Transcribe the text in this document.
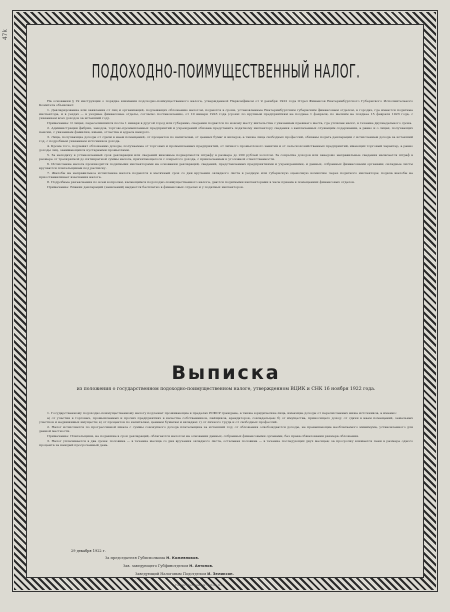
47k
ПОДОХОДНО-ПОИМУЩЕСТВЕННЫЙ НАЛОГ.

На основании § 19 инструкции о порядке взимания подоходно-поимущественного налога, утвержденной Наркомфином от 9 декабря 1922 года Отдел Финансов Екатеринбургского Губернского Исполнительного Комитета объявляет:

1. Декларирование или заявления от лиц и организаций, подлежащих обложению налогом, подаются в сроки, установленные Екатеринбургским губернским финансовым отделом, в городах, где имеются податные инспектора, и в уездах — в уездные финансовые отделы, согласно постановлению, от 10 января 1923 года (сроки: по крупным предприятиям не позднее 1 февраля, по мелким не позднее 15 февраля 1923 года, с указанием всех доходов за истекший год).

Примечание: О лицах, переселившихся после 1 января в другой город или губернию, сведения подаются по новому месту жительства с указанием прежнего места, где уплачен налог, в течение двухнедельного срока.

2. Администрация фабрик, заводов, торгово-промышленных предприятий и учреждений обязана представить податному инспектору сведения о выплаченных служащим содержании, а равно и о лицах, получающих пенсии, с указанием фамилии, имени, отчества и адреса каждого.

3. Лица, получающие доходы от сдачи в наем помещений, от процентов по капиталам, от ценных бумаг и вкладов, а также лица свободных профессий, обязаны подать декларации с исчислением дохода за истекший год, с подробным указанием источников дохода.

4. Кроме того, подлежат обложению доходы, получаемые от торговых и промышленных предприятий, от личного промыслового занятия и от сельскохозяйственных предприятий, имеющих торговый характер, а равно доходы лиц, занимающихся кустарными промыслами.

5. За неподачу в установленный срок декларации или сведений виновные подвергаются штрафу в размере до 200 рублей золотом. За сокрытие доходов или заведомо неправильные сведения налагается штраф в размере от трехкратной до пятикратной суммы налога, причитающегося с сокрытого дохода, с привлечением к уголовной ответственности.

6. Исчисление налога производится податными инспекторами на основании деклараций, сведений, представленных предприятиями и учреждениями, и данных, собранных финансовыми органами; окладные листы вручаются плательщикам под расписку.

7. Жалобы на неправильное исчисление налога подаются в месячный срок со дня вручения окладного листа в уездную или губернскую оценочную комиссию через податного инспектора; подача жалобы не приостанавливает взыскания налога.

8. Подробные разъяснения по всем вопросам, касающимся подоходно-поимущественного налога, даются податными инспекторами в часы приема в помещениях финансовых отделов.

Примечание: Бланки деклараций (заявлений) выдаются бесплатно в финансовых отделах и у податных инспекторов.

Выписка
из положения о государственном подоходно-поимущественном налоге, утвержденном ВЦИК и СНК 16 ноября 1922 года.

1. Государственному подоходно-поимущественному налогу подлежат проживающие в пределах РСФСР граждане, а также юридические лица, имеющие доходы от перечисленных ниже источников, а именно:

а) от участия в торговых, промышленных и прочих предприятиях в качестве собственников, пайщиков, арендаторов, совладельцев; б) от имущества, приносящего доход: от сдачи в наем помещений, земельных участков и недвижимых имуществ; в) от процентов по капиталам, ценным бумагам и вкладам; г) от личного труда и от свободных профессий.

2. Налог исчисляется по прогрессивной шкале с суммы совокупного дохода плательщика за истекший год; от обложения освобождаются доходы, не превышающие необлагаемого минимума, установленного для данной местности.

Примечание: Плательщики, не подавшие в срок деклараций, облагаются налогом на основании данных, собранных финансовыми органами, без права обжалования размера обложения.

3. Налог уплачивается в два срока: половина — в течение месяца со дня вручения окладного листа, остальная половина — в течение последующих двух месяцев; за просрочку взимается пеня в размере одного процента за каждый просроченный день.

29 декабря 1922 г.
За председателя Губисполкома Н. Кожевников.
Зав. заведующего Губфинотделом Н. Антонов.
Заведующий Налоговым Подотделом И. Зеликсон.
Гостип. Екатеринбург. Гублит № 3
